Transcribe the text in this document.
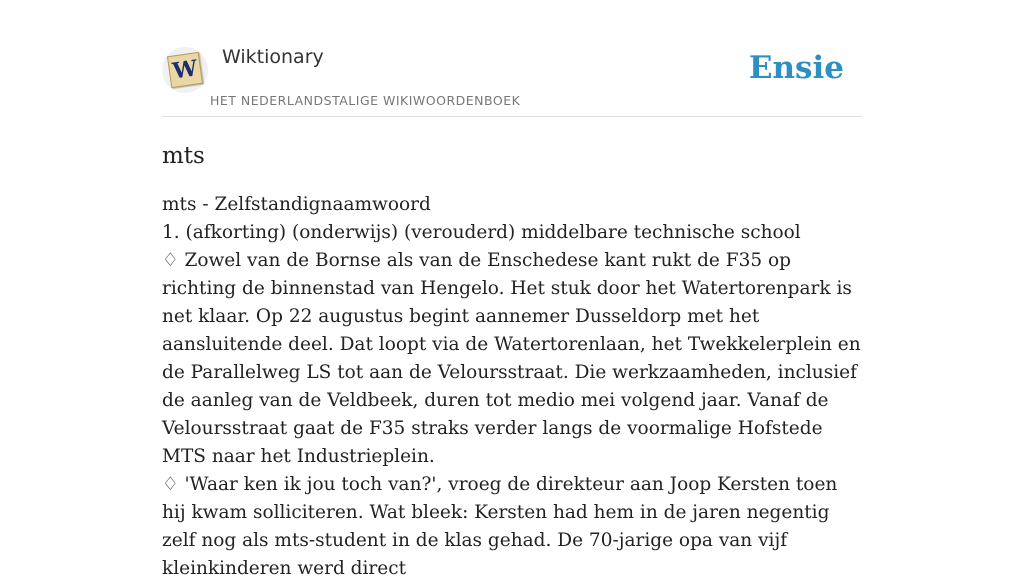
W Wiktionary
HET NEDERLANDSTALIGE WIKIWOORDENBOEK
Ensie
mts

mts - Zelfstandignaamwoord

1. (afkorting) (onderwijs) (verouderd) middelbare technische school

♢ Zowel van de Bornse als van de Enschedese kant rukt de F35 op richting de binnenstad van Hengelo. Het stuk door het Watertorenpark is net klaar. Op 22 augustus begint aannemer Dusseldorp met het aansluitende deel. Dat loopt via de Watertorenlaan, het Twekkelerplein en de Parallelweg LS tot aan de Veloursstraat. Die werkzaamheden, inclusief de aanleg van de Veldbeek, duren tot medio mei volgend jaar. Vanaf de Veloursstraat gaat de F35 straks verder langs de voormalige Hofstede MTS naar het Industrieplein.

♢ 'Waar ken ik jou toch van?', vroeg de direkteur aan Joop Kersten toen hij kwam solliciteren. Wat bleek: Kersten had hem in de jaren negentig zelf nog als mts-student in de klas gehad. De 70-jarige opa van vijf kleinkinderen werd direct
